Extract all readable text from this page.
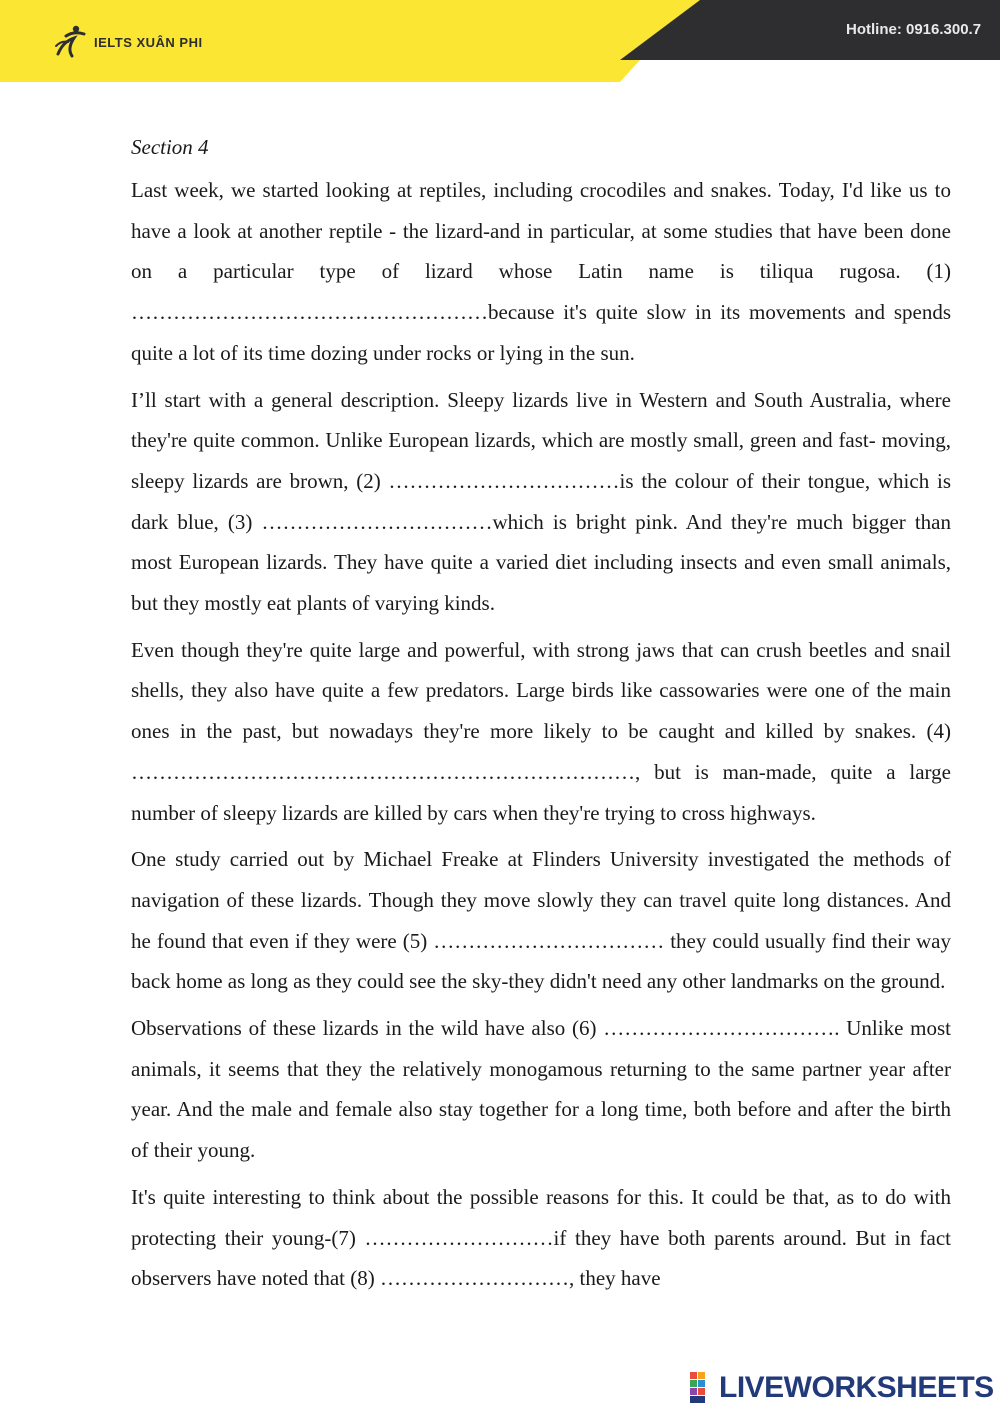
IELTS XUÂN PHI
Hotline: 0916.300.7

Section 4

Last week, we started looking at reptiles, including crocodiles and snakes. Today, I'd like us to have a look at another reptile - the lizard-and in particular, at some studies that have been done on a particular type of lizard whose Latin name is tiliqua rugosa. (1) ……………………………………………because it's quite slow in its movements and spends quite a lot of its time dozing under rocks or lying in the sun.

I’ll start with a general description. Sleepy lizards live in Western and South Australia, where they're quite common. Unlike European lizards, which are mostly small, green and fast- moving, sleepy lizards are brown, (2) ……………………………is the colour of their tongue, which is dark blue, (3) ……………………………which is bright pink. And they're much bigger than most European lizards. They have quite a varied diet including insects and even small animals, but they mostly eat plants of varying kinds.

Even though they're quite large and powerful, with strong jaws that can crush beetles and snail shells, they also have quite a few predators. Large birds like cassowaries were one of the main ones in the past, but nowadays they're more likely to be caught and killed by snakes. (4) ………………………………………………………………, but is man-made, quite a large number of sleepy lizards are killed by cars when they're trying to cross highways.

One study carried out by Michael Freake at Flinders University investigated the methods of navigation of these lizards. Though they move slowly they can travel quite long distances. And he found that even if they were (5) …………………………… they could usually find their way back home as long as they could see the sky-they didn't need any other landmarks on the ground.

Observations of these lizards in the wild have also (6) ……………………………. Unlike most animals, it seems that they the relatively monogamous returning to the same partner year after year. And the male and female also stay together for a long time, both before and after the birth of their young.

It's quite interesting to think about the possible reasons for this. It could be that, as to do with protecting their young-(7) ………………………if they have both parents around. But in fact observers have noted that (8) ………………………, they have

LIVEWORKSHEETS
